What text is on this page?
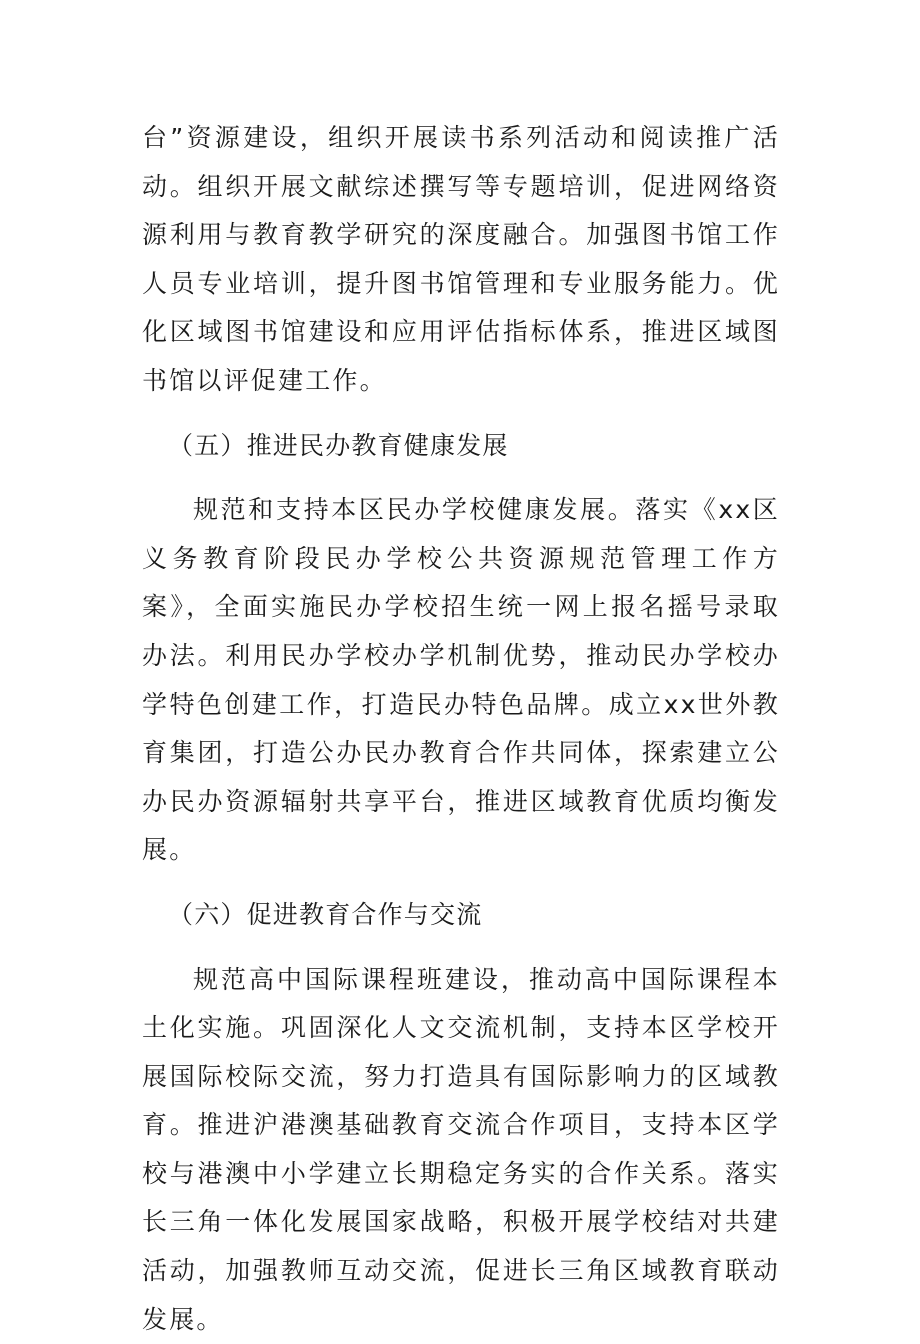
台”资源建设，组织开展读书系列活动和阅读推广活动。组织开展文献综述撰写等专题培训，促进网络资源利用与教育教学研究的深度融合。加强图书馆工作人员专业培训，提升图书馆管理和专业服务能力。优化区域图书馆建设和应用评估指标体系，推进区域图书馆以评促建工作。

（五）推进民办教育健康发展

规范和支持本区民办学校健康发展。落实《xx区义务教育阶段民办学校公共资源规范管理工作方案》，全面实施民办学校招生统一网上报名摇号录取办法。利用民办学校办学机制优势，推动民办学校办学特色创建工作，打造民办特色品牌。成立xx世外教育集团，打造公办民办教育合作共同体，探索建立公办民办资源辐射共享平台，推进区域教育优质均衡发展。

（六）促进教育合作与交流

规范高中国际课程班建设，推动高中国际课程本土化实施。巩固深化人文交流机制，支持本区学校开展国际校际交流，努力打造具有国际影响力的区域教育。推进沪港澳基础教育交流合作项目，支持本区学校与港澳中小学建立长期稳定务实的合作关系。落实长三角一体化发展国家战略，积极开展学校结对共建活动，加强教师互动交流，促进长三角区域教育联动发展。
